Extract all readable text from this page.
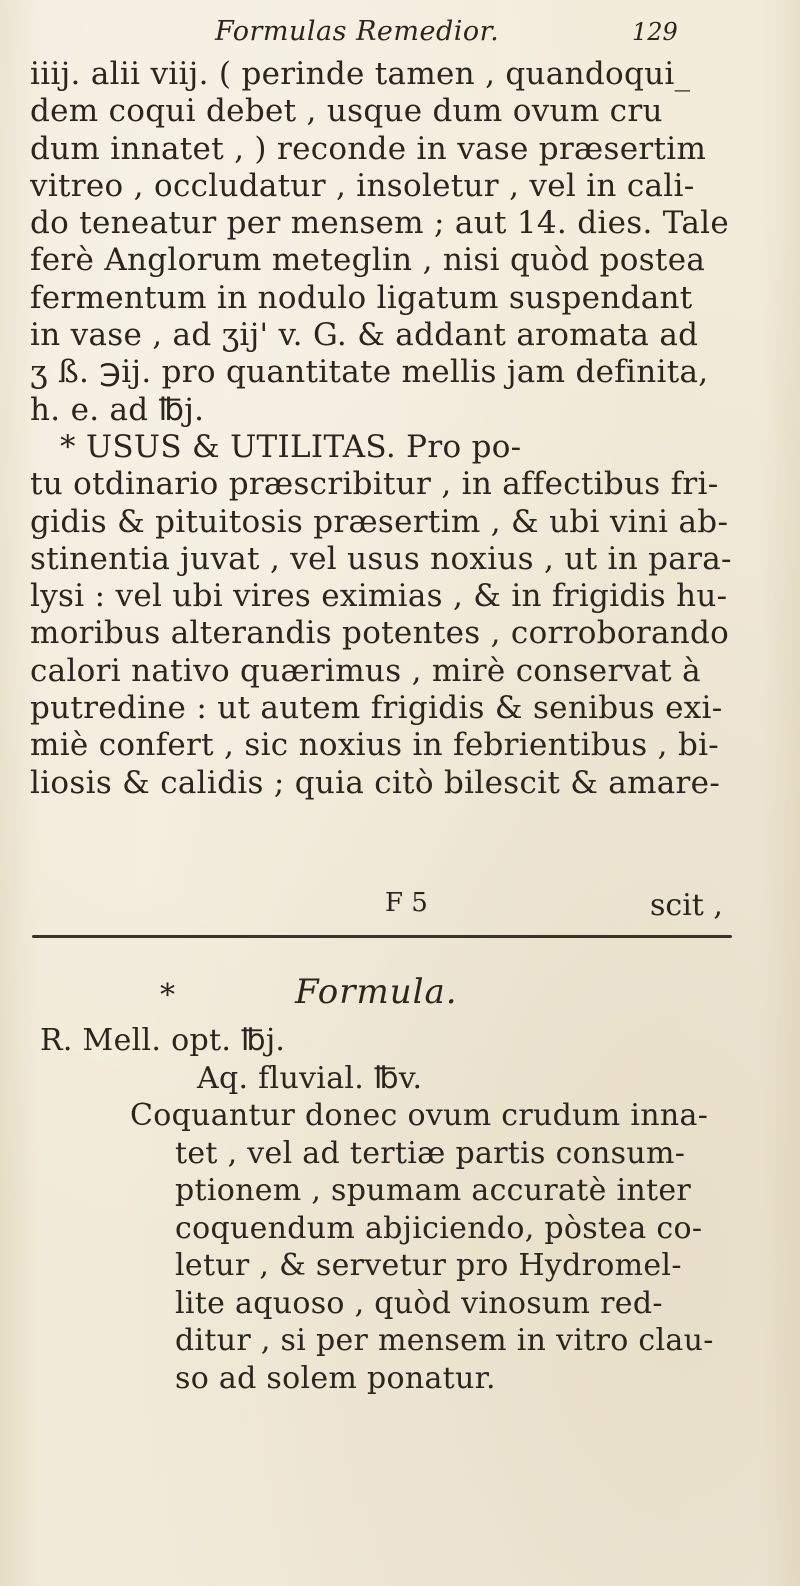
Formulas Remedior.	129
iiij. alii viij. ( perinde tamen , quandoqui_
dem coqui debet , usque dum ovum cru
dum innatet , ) reconde in vase præsertim
vitreo , occludatur , insoletur , vel in cali-
do teneatur per mensem ; aut 14. dies. Tale
ferè Anglorum meteglin , nisi quòd postea
fermentum in nodulo ligatum suspendant
in vase , ad ʒij' v. G. & addant aromata ad
ʒ ß. ℈ij. pro quantitate mellis jam definita,
h. e. ad ℔j.
* USUS & UTILITAS. Pro po-
tu otdinario præscribitur , in affectibus fri-
gidis & pituitosis præsertim , & ubi vini ab-
stinentia juvat , vel usus noxius , ut in para-
lysi : vel ubi vires eximias , & in frigidis hu-
moribus alterandis potentes , corroborando
calori nativo quærimus , mirè conservat à
putredine : ut autem frigidis & senibus exi-
miè confert , sic noxius in febrientibus , bi-
liosis & calidis ; quia citò bilescit & amare-
F 5	scit ,
*	Formula.
R. Mell. opt. ℔j.
Aq. fluvial. ℔v.
Coquantur donec ovum crudum inna-
tet , vel ad tertiæ partis consum-
ptionem , spumam accuratè inter
coquendum abjiciendo, pòstea co-
letur , & servetur pro Hydromel-
lite aquoso , quòd vinosum red-
ditur , si per mensem in vitro clau-
so ad solem ponatur.
